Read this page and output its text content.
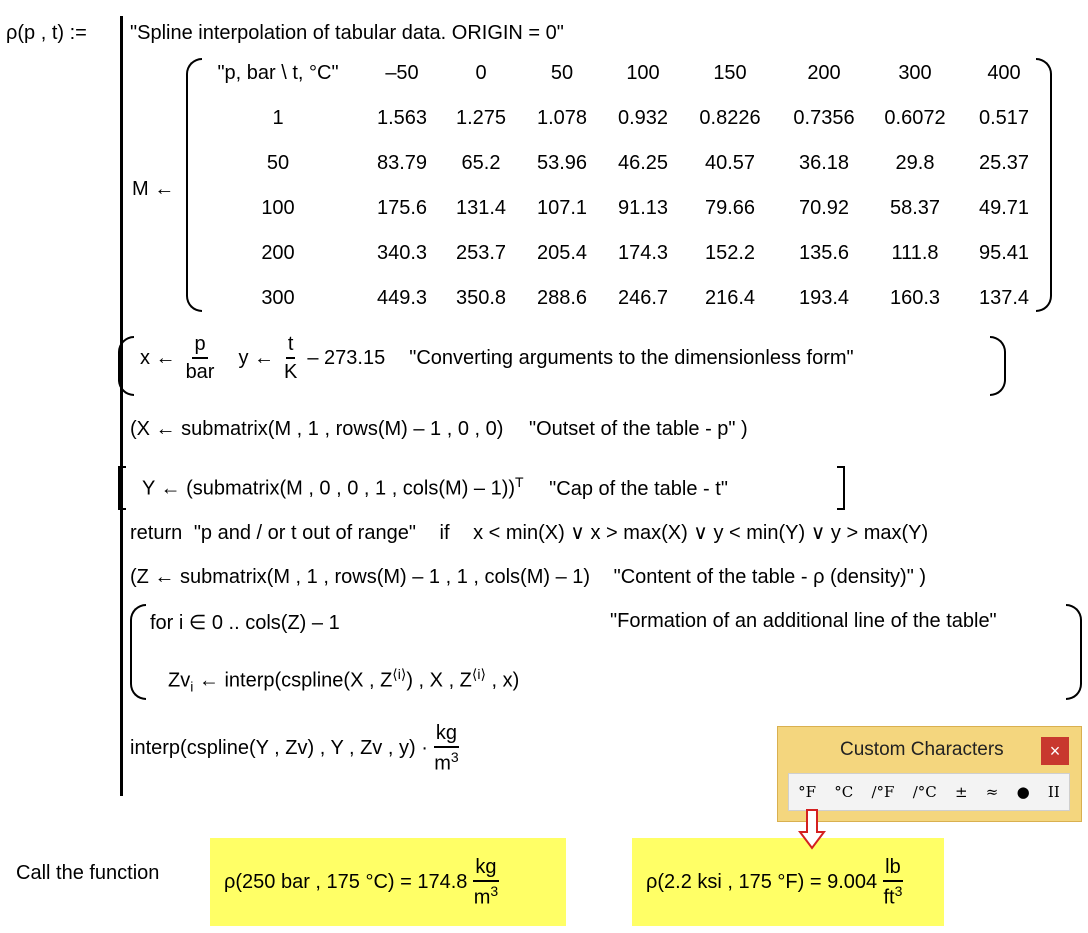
ρ(p , t) := "Spline interpolation of tabular data. ORIGIN = 0"
M ←
"p, bar \ t, °C" –50	0	50	100	150	200	300	400
1	1.563 1.275 1.078 0.932 0.8226 0.7356 0.6072 0.517
50	83.79 65.2 53.96 46.25 40.57 36.18 29.8 25.37
100	175.6 131.4 107.1 91.13 79.66 70.92 58.37 49.71
200	340.3 253.7 205.4 174.3 152.2 135.6 111.8 95.41
300	449.3 350.8 288.6 246.7 216.4 193.4 160.3 137.4
x ← $\frac{p}{\text{bar}}$ y ← $\frac{t}{K} - 273.15$ "Converting arguments to the dimensionless form"
(X ← submatrix(M , 1 , rows(M) – 1 , 0 , 0) "Outset of the table - p" )
Y ← (submatrix(M , 0 , 0 , 1 , cols(M) – 1))$^T$ "Cap of the table - t"
return "p and / or t out of range" if x < min(X) ∨ x > max(X) ∨ y < min(Y) ∨ y > max(Y)
(Z ← submatrix(M , 1 , rows(M) – 1 , 1 , cols(M) – 1) "Content of the table - ρ (density)" )
for i ∈ 0 .. cols(Z) – 1	"Formation of an additional line of the table"
$Zv_i$ ← interp(cspline(X , $Z^{⟨i⟩}$) , X , $Z^{⟨i⟩}$ , x)
interp(cspline(Y , Zv) , Y , Zv , $y) \cdot \frac{kg}{m^3}$
Call the function	ρ(250 bar , 175 $^\circ C) = 174.8 \frac{kg}{m^3}$	ρ(2.2 ksi , 175 $^\circ F) = 9.004 \frac{lb}{ft^3}$
Custom Characters	×
°F °C /°F /°C ± ≈ ● II
